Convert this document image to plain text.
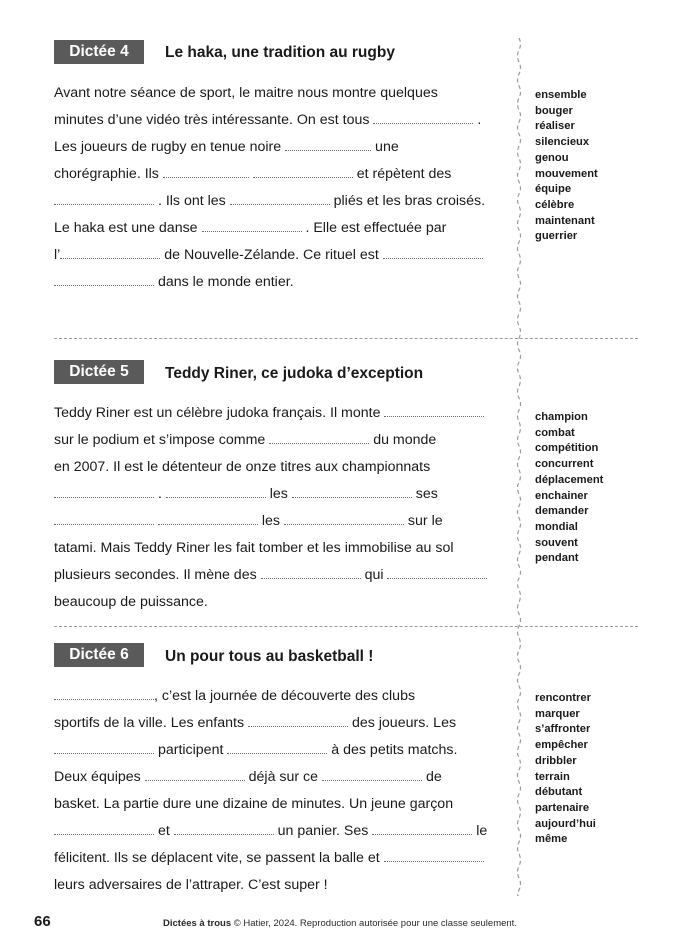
Dictée 4	Le haka, une tradition au rugby
Avant notre séance de sport, le maitre nous montre quelques
minutes d’une vidéo très intéressante. On est tous	.
Les joueurs de rugby en tenue noire	une
chorégraphie. Ils	et répètent des
. Ils ont les	pliés et les bras croisés.
Le haka est une danse	. Elle est effectuée par
l’	de Nouvelle-Zélande. Ce rituel est
dans le monde entier.
ensemble
bouger
réaliser
silencieux
genou
mouvement
équipe
célèbre
maintenant
guerrier
Dictée 5	Teddy Riner, ce judoka d’exception
Teddy Riner est un célèbre judoka français. Il monte
sur le podium et s’impose comme	du monde
en 2007. Il est le détenteur de onze titres aux championnats
.	les	ses
les	sur le
tatami. Mais Teddy Riner les fait tomber et les immobilise au sol
plusieurs secondes. Il mène des	qui
beaucoup de puissance.
champion
combat
compétition
concurrent
déplacement
enchainer
demander
mondial
souvent
pendant
Dictée 6	Un pour tous au basketball !
, c’est la journée de découverte des clubs
sportifs de la ville. Les enfants	des joueurs. Les
participent	à des petits matchs.
Deux équipes	déjà sur ce	de
basket. La partie dure une dizaine de minutes. Un jeune garçon
et	un panier. Ses	le
félicitent. Ils se déplacent vite, se passent la balle et
leurs adversaires de l’attraper. C’est super !
rencontrer
marquer
s’affronter
empêcher
dribbler
terrain
débutant
partenaire
aujourd’hui
même
66	Dictées à trous © Hatier, 2024. Reproduction autorisée pour une classe seulement.
